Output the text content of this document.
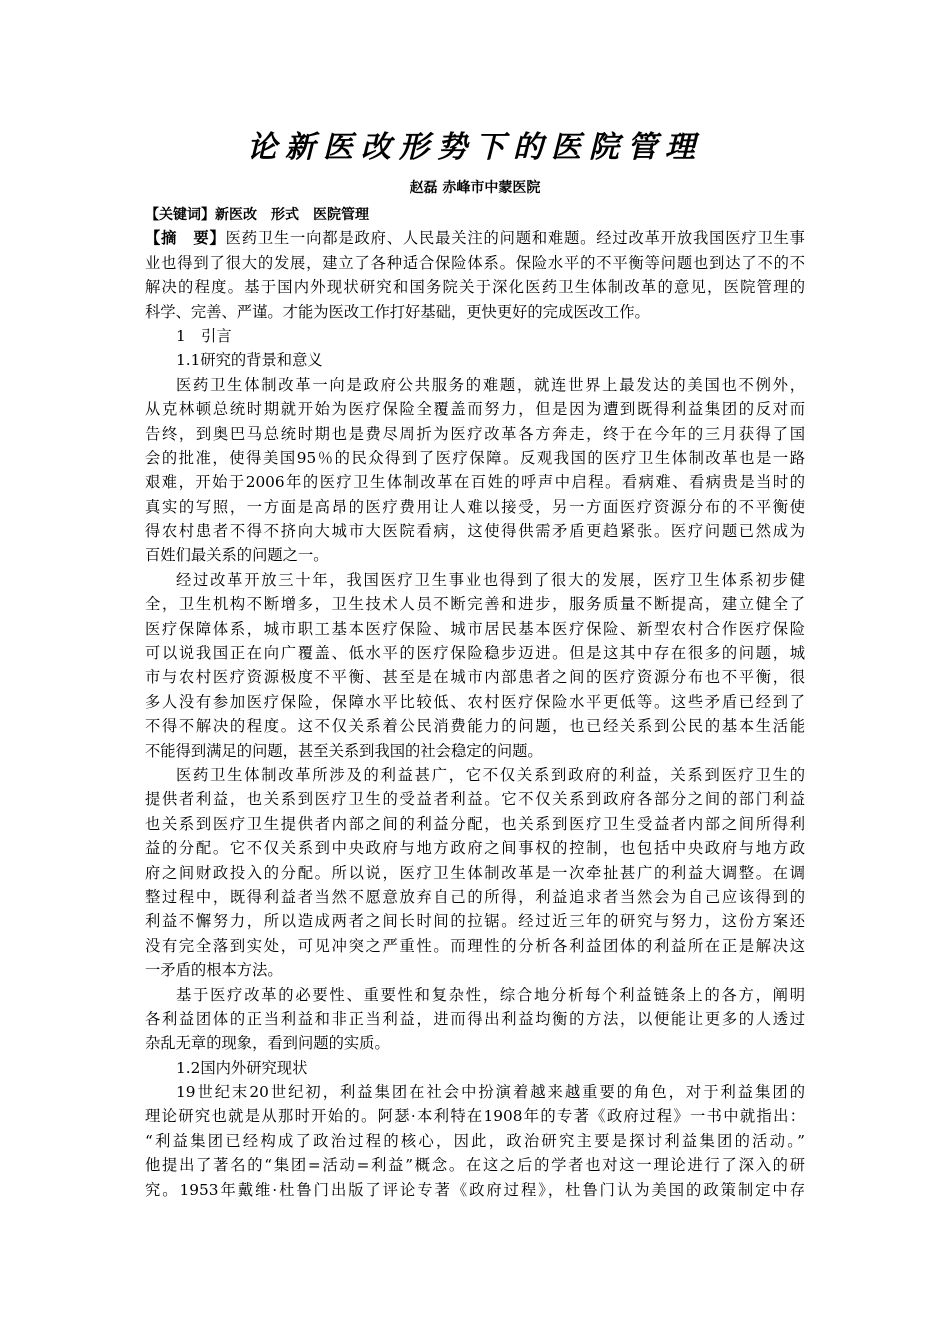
论新医改形势下的医院管理
赵磊 赤峰市中蒙医院
【关键词】新医改　形式　医院管理
【摘　要】医药卫生一向都是政府、人民最关注的问题和难题。经过改革开放我国医疗卫生事
业也得到了很大的发展，建立了各种适合保险体系。保险水平的不平衡等问题也到达了不的不
解决的程度。基于国内外现状研究和国务院关于深化医药卫生体制改革的意见，医院管理的
科学、完善、严谨。才能为医改工作打好基础，更快更好的完成医改工作。
1　引言
1.1研究的背景和意义
医药卫生体制改革一向是政府公共服务的难题，就连世界上最发达的美国也不例外，
从克林顿总统时期就开始为医疗保险全覆盖而努力，但是因为遭到既得利益集团的反对而
告终，到奥巴马总统时期也是费尽周折为医疗改革各方奔走，终于在今年的三月获得了国
会的批准，使得美国95％的民众得到了医疗保障。反观我国的医疗卫生体制改革也是一路
艰难，开始于2006年的医疗卫生体制改革在百姓的呼声中启程。看病难、看病贵是当时的
真实的写照，一方面是高昂的医疗费用让人难以接受，另一方面医疗资源分布的不平衡使
得农村患者不得不挤向大城市大医院看病，这使得供需矛盾更趋紧张。医疗问题已然成为
百姓们最关系的问题之一。
经过改革开放三十年，我国医疗卫生事业也得到了很大的发展，医疗卫生体系初步健
全，卫生机构不断增多，卫生技术人员不断完善和进步，服务质量不断提高，建立健全了
医疗保障体系，城市职工基本医疗保险、城市居民基本医疗保险、新型农村合作医疗保险
可以说我国正在向广覆盖、低水平的医疗保险稳步迈进。但是这其中存在很多的问题，城
市与农村医疗资源极度不平衡、甚至是在城市内部患者之间的医疗资源分布也不平衡，很
多人没有参加医疗保险，保障水平比较低、农村医疗保险水平更低等。这些矛盾已经到了
不得不解决的程度。这不仅关系着公民消费能力的问题，也已经关系到公民的基本生活能
不能得到满足的问题，甚至关系到我国的社会稳定的问题。
医药卫生体制改革所涉及的利益甚广，它不仅关系到政府的利益，关系到医疗卫生的
提供者利益，也关系到医疗卫生的受益者利益。它不仅关系到政府各部分之间的部门利益
也关系到医疗卫生提供者内部之间的利益分配，也关系到医疗卫生受益者内部之间所得利
益的分配。它不仅关系到中央政府与地方政府之间事权的控制，也包括中央政府与地方政
府之间财政投入的分配。所以说，医疗卫生体制改革是一次牵扯甚广的利益大调整。在调
整过程中，既得利益者当然不愿意放弃自己的所得，利益追求者当然会为自己应该得到的
利益不懈努力，所以造成两者之间长时间的拉锯。经过近三年的研究与努力，这份方案还
没有完全落到实处，可见冲突之严重性。而理性的分析各利益团体的利益所在正是解决这
一矛盾的根本方法。
基于医疗改革的必要性、重要性和复杂性，综合地分析每个利益链条上的各方，阐明
各利益团体的正当利益和非正当利益，进而得出利益均衡的方法，以便能让更多的人透过
杂乱无章的现象，看到问题的实质。
1.2国内外研究现状
19世纪末20世纪初，利益集团在社会中扮演着越来越重要的角色，对于利益集团的
理论研究也就是从那时开始的。阿瑟·本利特在1908年的专著《政府过程》一书中就指出：
“利益集团已经构成了政治过程的核心，因此，政治研究主要是探讨利益集团的活动。”
他提出了著名的“集团=活动=利益”概念。在这之后的学者也对这一理论进行了深入的研
究。1953年戴维·杜鲁门出版了评论专著《政府过程》，杜鲁门认为美国的政策制定中存
